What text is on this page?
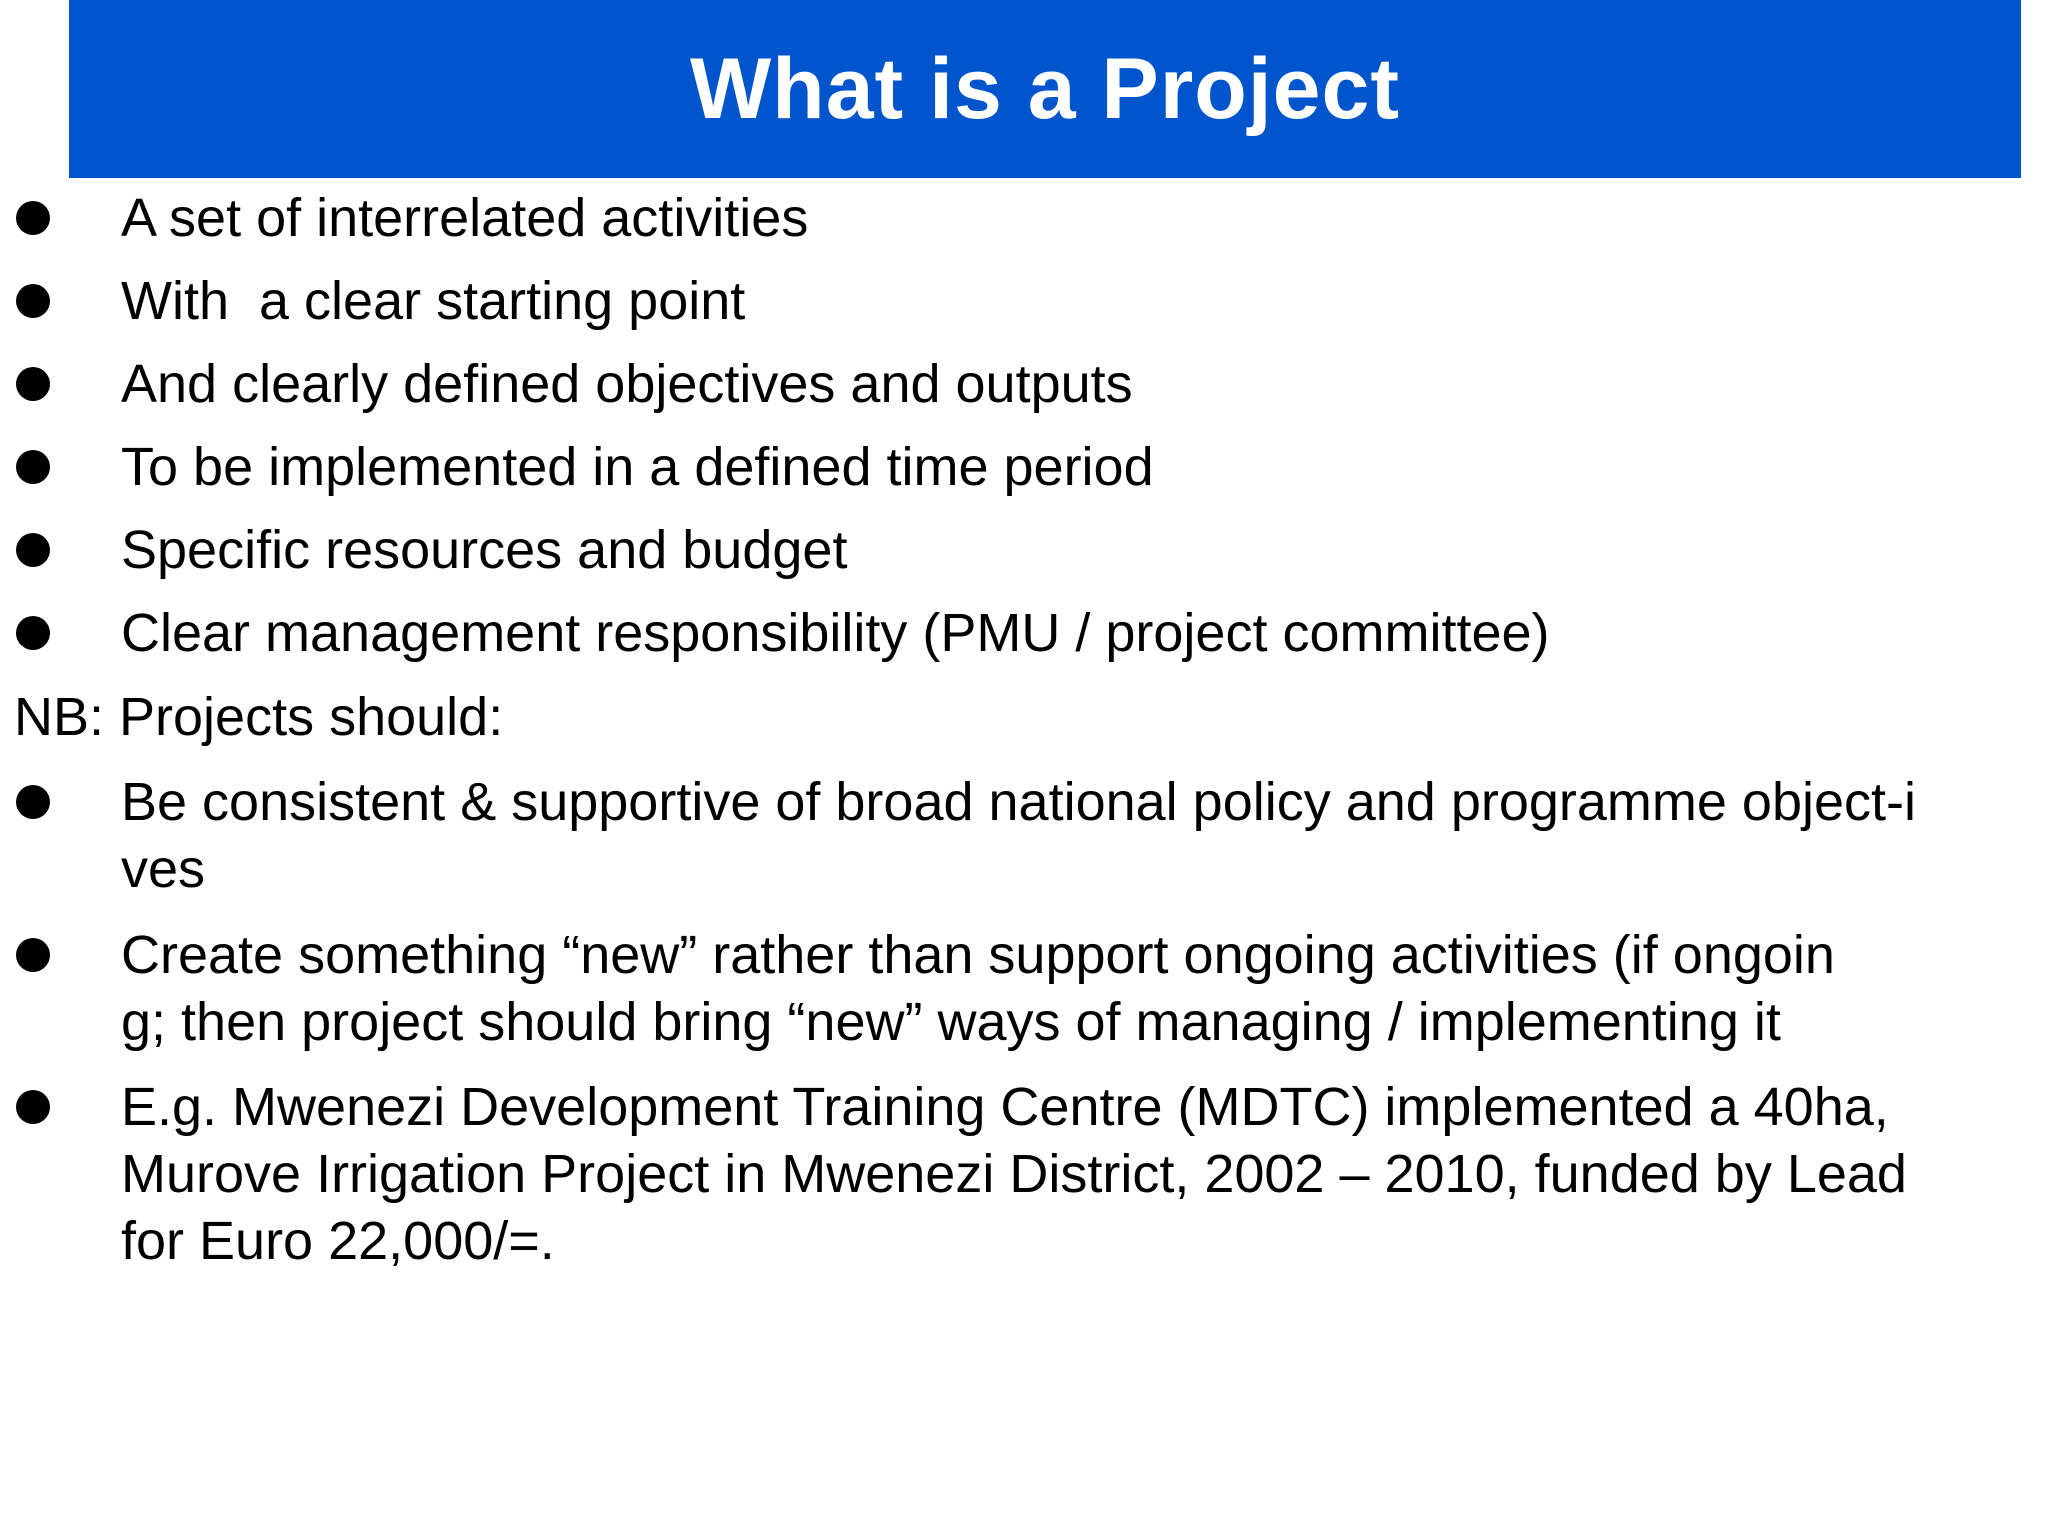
What is a Project
A set of interrelated activities
With  a clear starting point
And clearly defined objectives and outputs
To be implemented in a defined time period
Specific resources and budget
Clear management responsibility (PMU / project committee)
NB: Projects should:
Be consistent & supportive of broad national policy and programme object-i
ves
Create something “new” rather than support ongoing activities (if ongoin
g; then project should bring “new” ways of managing / implementing it
E.g. Mwenezi Development Training Centre (MDTC) implemented a 40ha,
Murove Irrigation Project in Mwenezi District, 2002 – 2010, funded by Lead
for Euro 22,000/=.
